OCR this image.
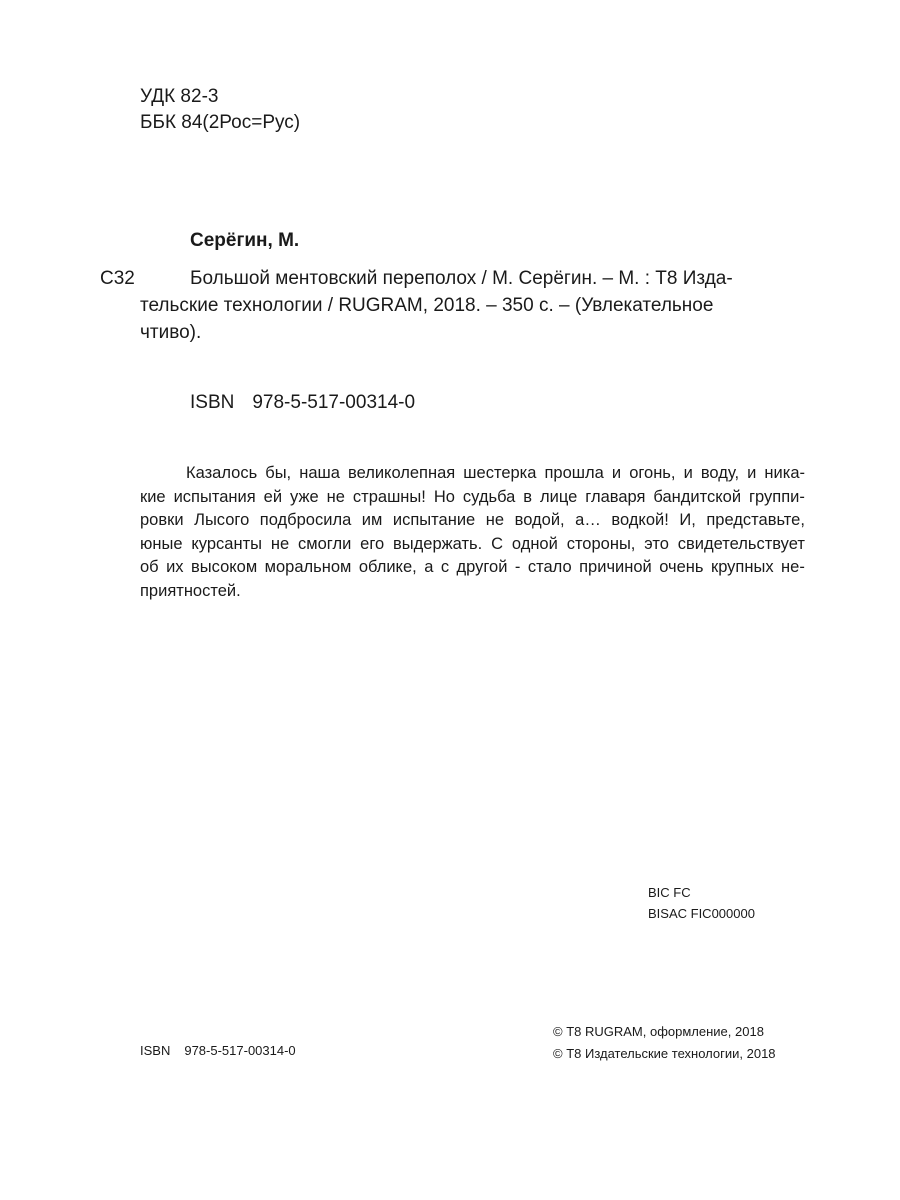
УДК 82-3
ББК 84(2Рос=Рус)
Серёгин, М.
С32	Большой ментовский переполох / М. Серёгин. – М. : Т8 Изда-
тельские технологии / RUGRAM, 2018. – 350 с. – (Увлекательное
чтиво).
ISBN 978-5-517-00314-0
Казалось бы, наша великолепная шестерка прошла и огонь, и воду, и ника-
кие испытания ей уже не страшны! Но судьба в лице главаря бандитской группи-
ровки Лысого подбросила им испытание не водой, а… водкой! И, представьте,
юные курсанты не смогли его выдержать. С одной стороны, это свидетельствует
об их высоком моральном облике, а с другой - стало причиной очень крупных не-
приятностей.
BIC FC
BISAC FIC000000
© Т8 RUGRAM, оформление, 2018
© Т8 Издательские технологии, 2018
ISBN 978-5-517-00314-0
